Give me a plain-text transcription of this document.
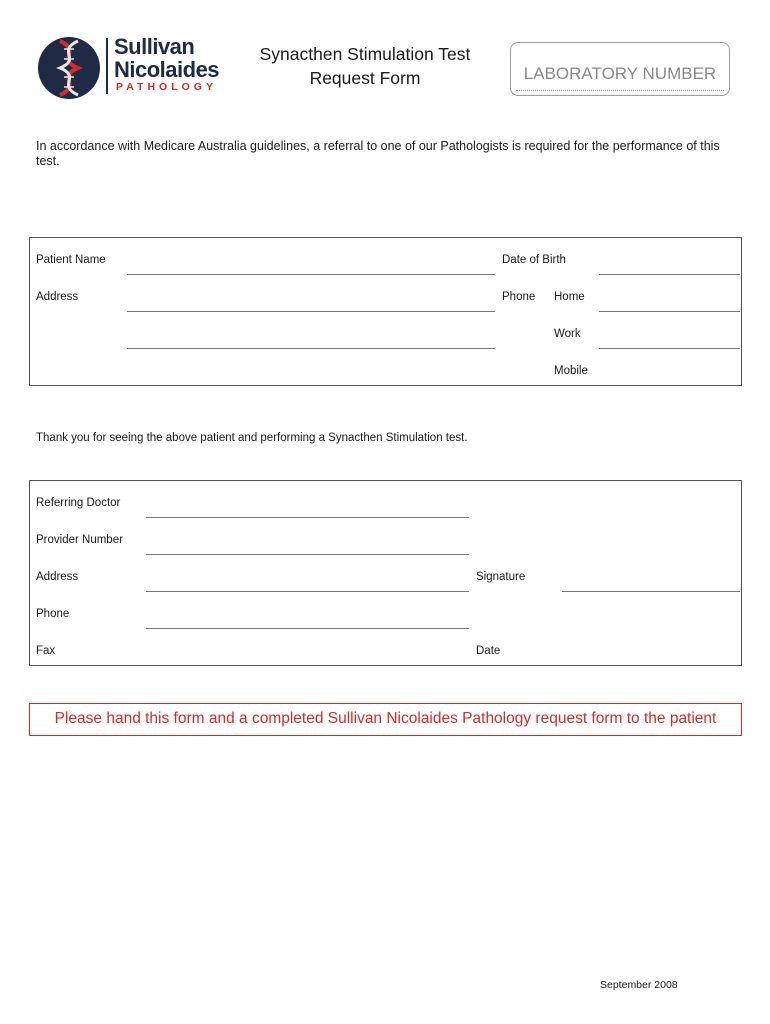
Sullivan
Nicolaides
PATHOLOGY
Synacthen Stimulation Test
Request Form	LABORATORY NUMBER
In accordance with Medicare Australia guidelines, a referral to one of our Pathologists is required for the performance of this test.
Patient Name	Date of Birth
Address	Phone Home
Work
Mobile
Thank you for seeing the above patient and performing a Synacthen Stimulation test.
Referring Doctor
Provider Number
Address	Signature
Phone
Fax	Date
Please hand this form and a completed Sullivan Nicolaides Pathology request form to the patient
September 2008
